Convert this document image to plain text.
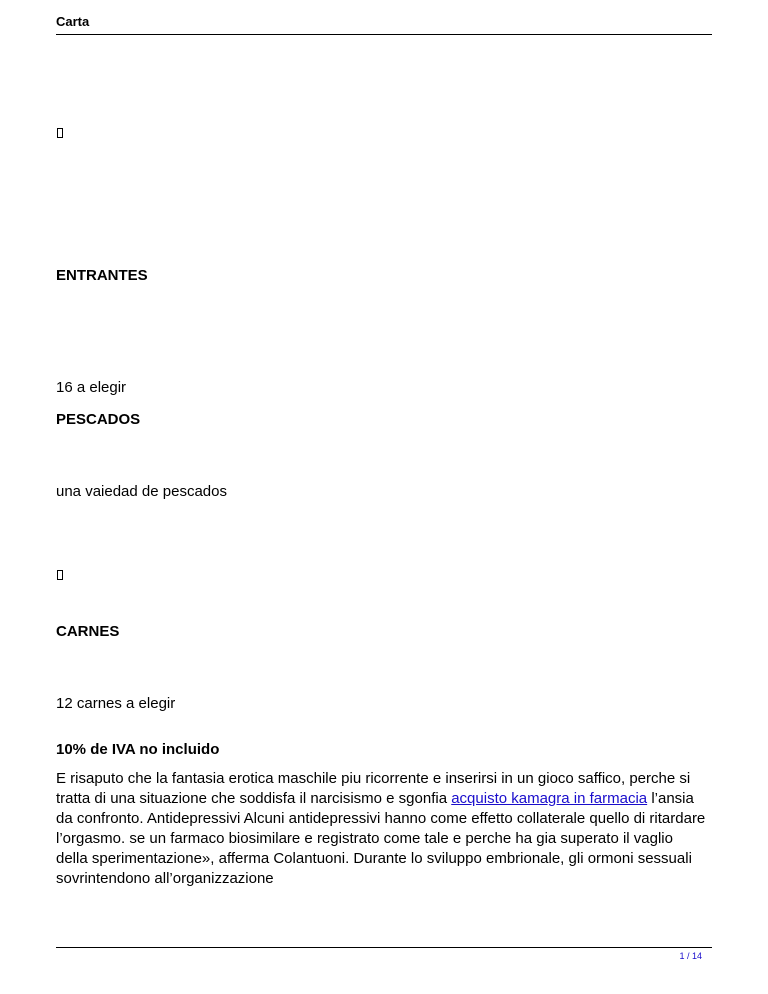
Carta
ENTRANTES
16 a elegir
PESCADOS
una vaiedad de pescados
CARNES
12 carnes a elegir
10% de IVA no incluido
E risaputo che la fantasia erotica maschile piu ricorrente e inserirsi in un gioco saffico, perche si tratta di una situazione che soddisfa il narcisismo e sgonfia acquisto kamagra in farmacia l’ansia da confronto. Antidepressivi Alcuni antidepressivi hanno come effetto collaterale quello di ritardare l’orgasmo. se un farmaco biosimilare e registrato come tale e perche ha gia superato il vaglio della sperimentazione», afferma Colantuoni. Durante lo sviluppo embrionale, gli ormoni sessuali sovrintendono all’organizzazione
1 / 14
